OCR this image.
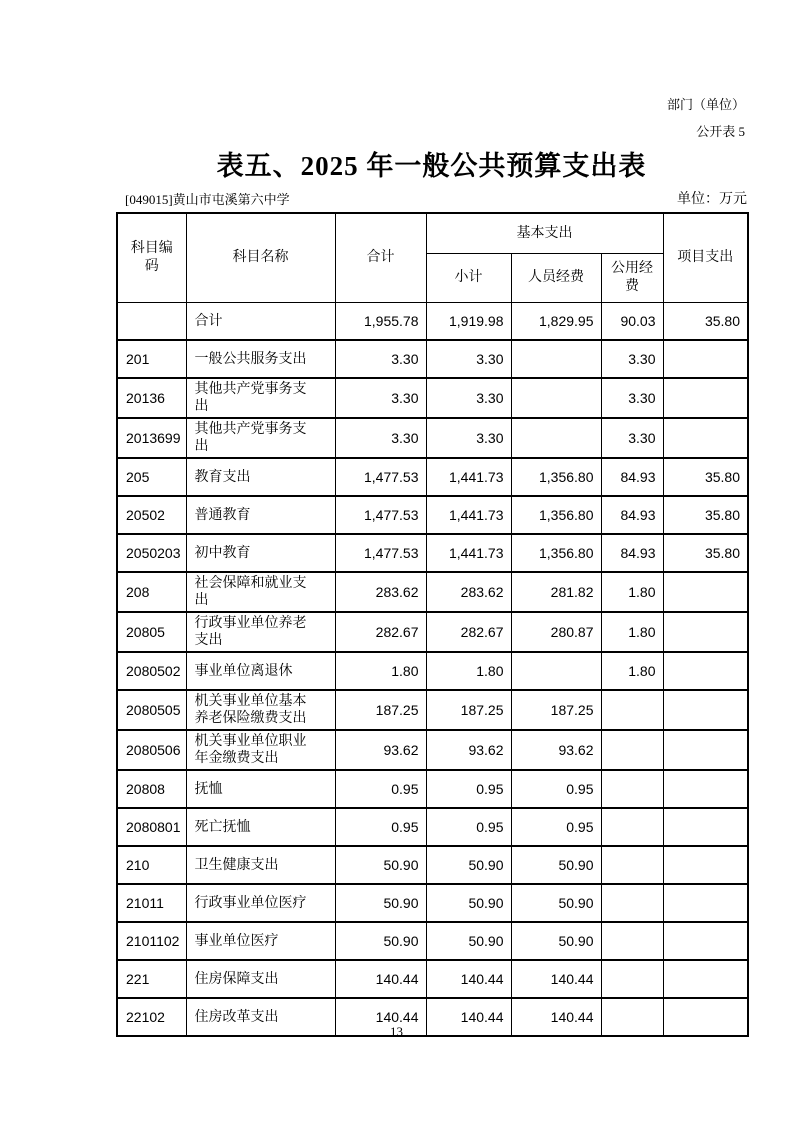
部门（单位）
公开表 5
表五、2025 年一般公共预算支出表
[049015]黄山市屯溪第六中学	单位：万元
科目编码	科目名称	合计	基本支出			项目支出
			小计	人员经费	公用经费	
	合计	1,955.78	1,919.98	1,829.95	90.03	35.80
201	一般公共服务支出	3.30	3.30		3.30	
20136	其他共产党事务支出	3.30	3.30		3.30	
2013699	其他共产党事务支出	3.30	3.30		3.30	
205	教育支出	1,477.53	1,441.73	1,356.80	84.93	35.80
20502	普通教育	1,477.53	1,441.73	1,356.80	84.93	35.80
2050203	初中教育	1,477.53	1,441.73	1,356.80	84.93	35.80
208	社会保障和就业支出	283.62	283.62	281.82	1.80	
20805	行政事业单位养老支出	282.67	282.67	280.87	1.80	
2080502	事业单位离退休	1.80	1.80		1.80	
2080505	机关事业单位基本养老保险缴费支出	187.25	187.25	187.25		
2080506	机关事业单位职业年金缴费支出	93.62	93.62	93.62		
20808	抚恤	0.95	0.95	0.95		
2080801	死亡抚恤	0.95	0.95	0.95		
210	卫生健康支出	50.90	50.90	50.90		
21011	行政事业单位医疗	50.90	50.90	50.90		
2101102	事业单位医疗	50.90	50.90	50.90		
221	住房保障支出	140.44	140.44	140.44		
22102	住房改革支出	140.44	140.44	140.44		
13
